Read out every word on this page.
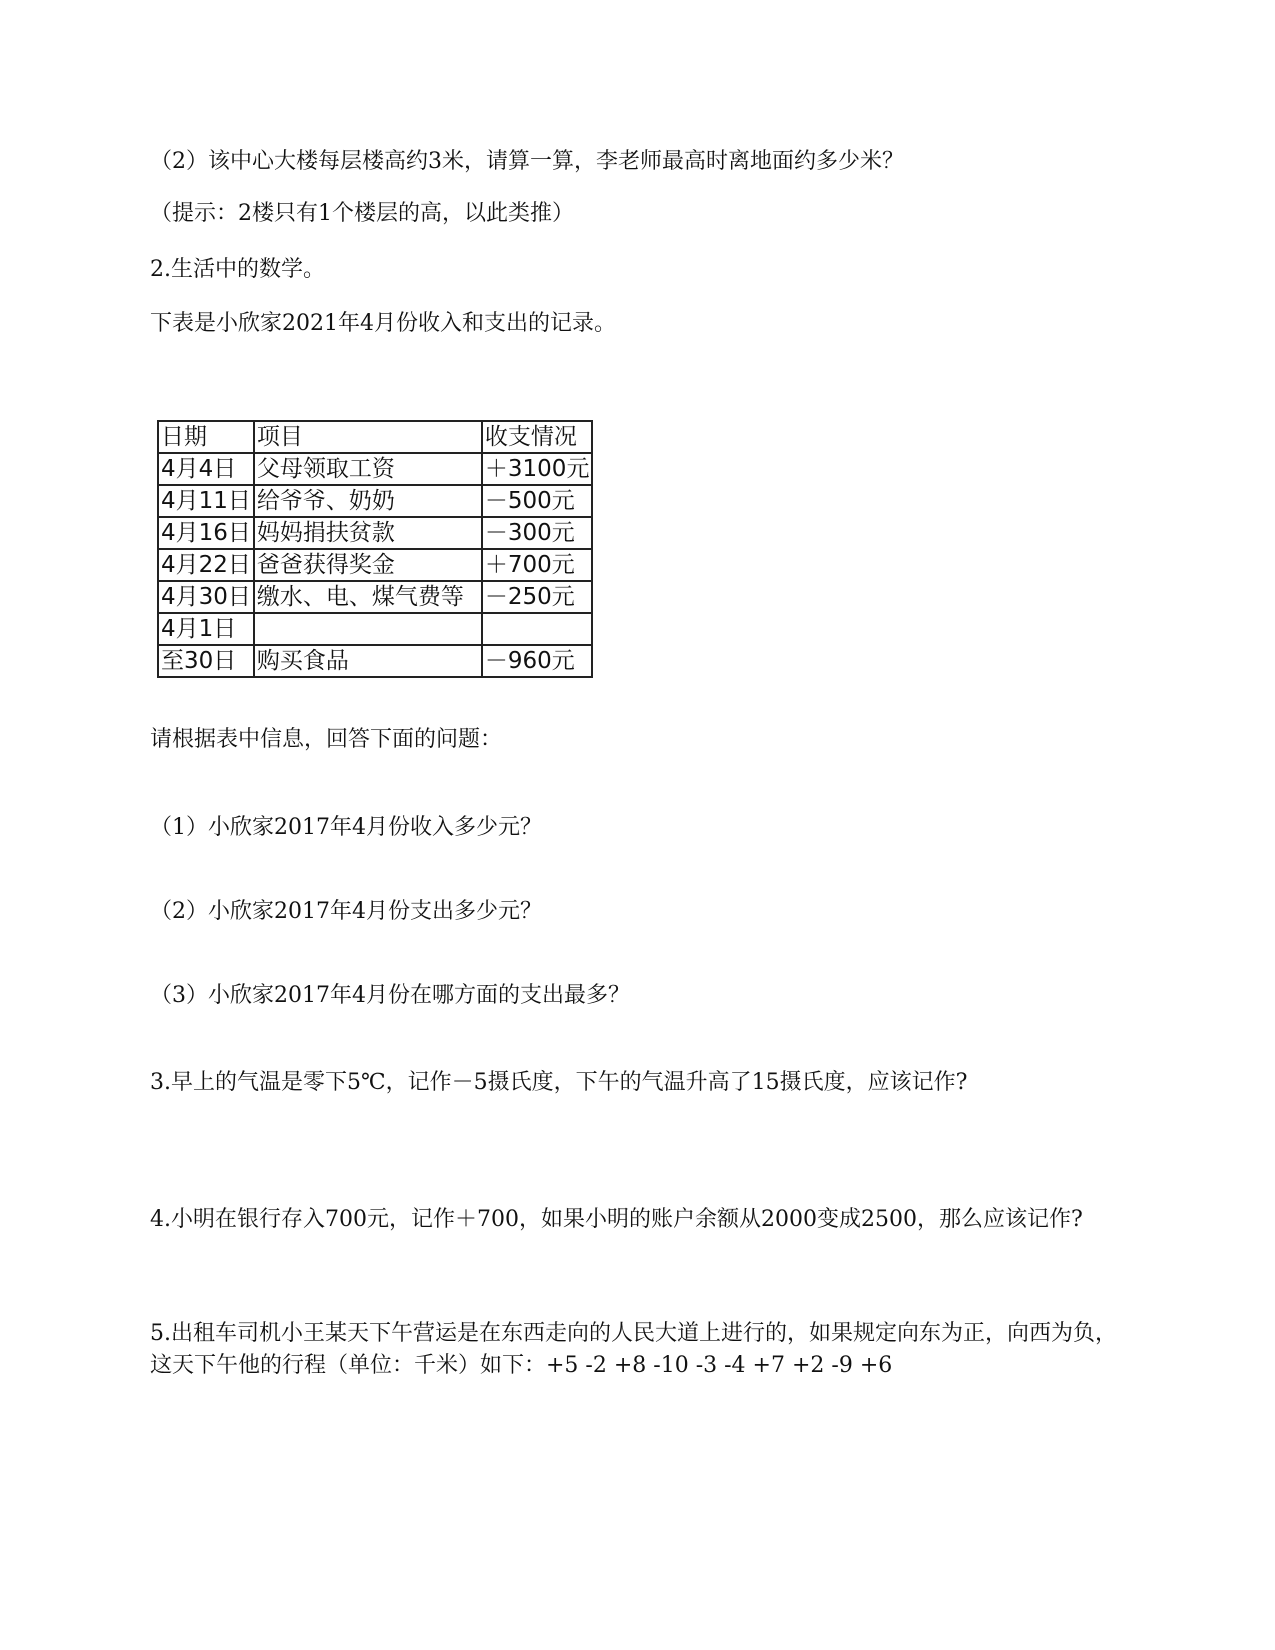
（2）该中心大楼每层楼高约3米，请算一算，李老师最高时离地面约多少米？
（提示：2楼只有1个楼层的高，以此类推）
2.生活中的数学。
下表是小欣家2021年4月份收入和支出的记录。
日期	项目	收支情况
4月4日	父母领取工资	＋3100元
4月11日	给爷爷、奶奶	－500元
4月16日	妈妈捐扶贫款	－300元
4月22日	爸爸获得奖金	＋700元
4月30日	缴水、电、煤气费等	－250元
4月1日		
至30日	购买食品	－960元
请根据表中信息，回答下面的问题：
（1）小欣家2017年4月份收入多少元？
（2）小欣家2017年4月份支出多少元？
（3）小欣家2017年4月份在哪方面的支出最多？
3.早上的气温是零下5℃，记作－5摄氏度，下午的气温升高了15摄氏度，应该记作?
4.小明在银行存入700元，记作＋700，如果小明的账户余额从2000变成2500，那么应该记作?
5.出租车司机小王某天下午营运是在东西走向的人民大道上进行的，如果规定向东为正，向西为负，这天下午他的行程（单位：千米）如下：+5 -2 +8 -10 -3 -4 +7 +2 -9 +6
